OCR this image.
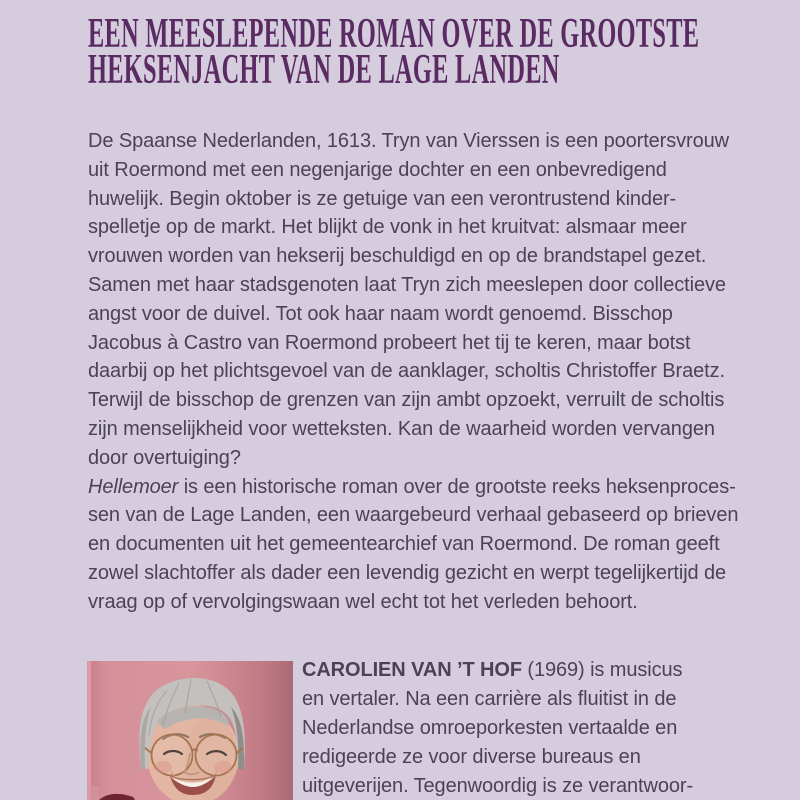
EEN MEESLEPENDE ROMAN OVER DE GROOTSTE
HEKSENJACHT VAN DE LAGE LANDEN
De Spaanse Nederlanden, 1613. Tryn van Vierssen is een poortersvrouw
uit Roermond met een negenjarige dochter en een onbevredigend
huwelijk. Begin oktober is ze getuige van een verontrustend kinder-
spelletje op de markt. Het blijkt de vonk in het kruitvat: alsmaar meer
vrouwen worden van hekserij beschuldigd en op de brandstapel gezet.
Samen met haar stadsgenoten laat Tryn zich meeslepen door collectieve
angst voor de duivel. Tot ook haar naam wordt genoemd. Bisschop
Jacobus à Castro van Roermond probeert het tij te keren, maar botst
daarbij op het plichtsgevoel van de aanklager, scholtis Christoffer Braetz.
Terwijl de bisschop de grenzen van zijn ambt opzoekt, verruilt de scholtis
zijn menselijkheid voor wetteksten. Kan de waarheid worden vervangen
door overtuiging?
Hellemoer is een historische roman over de grootste reeks heksenproces-
sen van de Lage Landen, een waargebeurd verhaal gebaseerd op brieven
en documenten uit het gemeentearchief van Roermond. De roman geeft
zowel slachtoffer als dader een levendig gezicht en werpt tegelijkertijd de
vraag op of vervolgingswaan wel echt tot het verleden behoort.
CAROLIEN VAN ’T HOF (1969) is musicus
en vertaler. Na een carrière als fluitist in de
Nederlandse omroeporkesten vertaalde en
redigeerde ze voor diverse bureaus en
uitgeverijen. Tegenwoordig is ze verantwoor-
